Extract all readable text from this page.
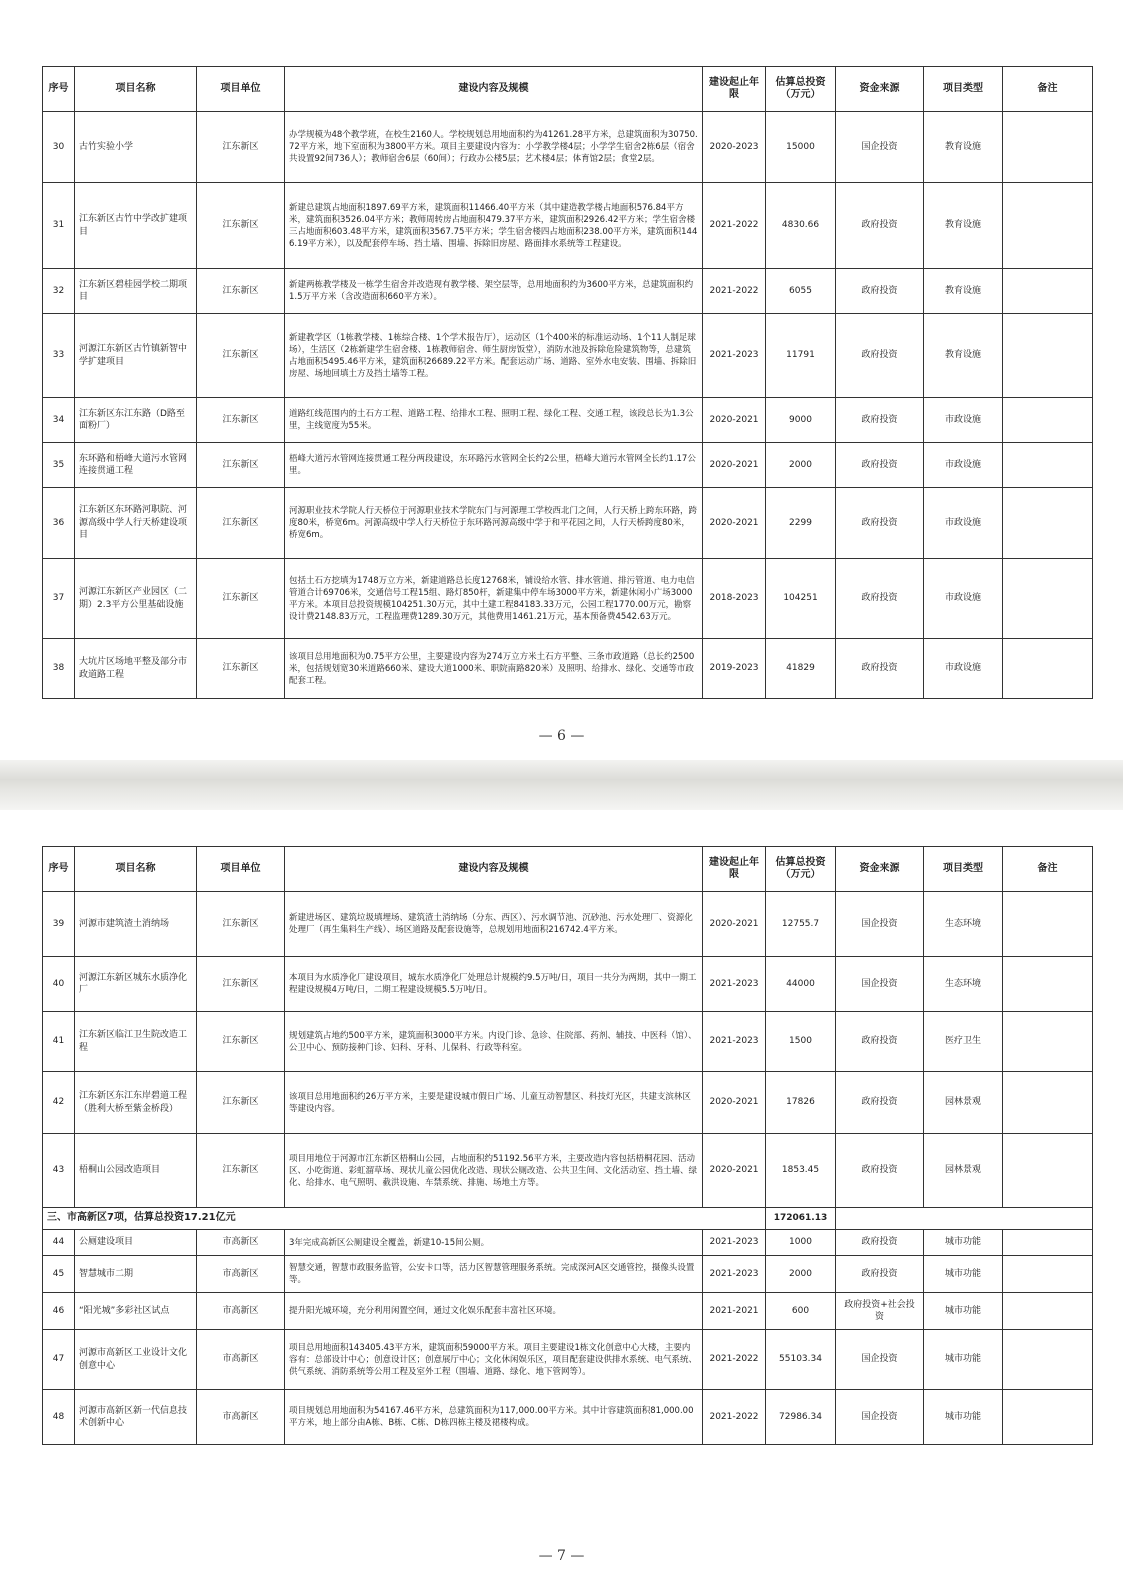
序号	项目名称	项目单位	建设内容及规模	建设起止年限	估算总投资（万元）	资金来源	项目类型	备注
30	古竹实验小学	江东新区	办学规模为48个教学班，在校生2160人。学校规划总用地面积约为41261.28平方米，总建筑面积为30750.72平方米，地下室面积为3800平方米。项目主要建设内容为：小学教学楼4层；小学学生宿舍2栋6层（宿舍共设置92间736人）；教师宿舍6层（60间）；行政办公楼5层；艺术楼4层；体育馆2层；食堂2层。	2020-2023	15000	国企投资	教育设施	
31	江东新区古竹中学改扩建项目	江东新区	新建总建筑占地面积1897.69平方米，建筑面积11466.40平方米（其中建造教学楼占地面积576.84平方米，建筑面积3526.04平方米；教师周转房占地面积479.37平方米，建筑面积2926.42平方米；学生宿舍楼三占地面积603.48平方米，建筑面积3567.75平方米；学生宿舍楼四占地面积238.00平方米，建筑面积1446.19平方米），以及配套停车场、挡土墙、围墙、拆除旧房屋、路面排水系统等工程建设。	2021-2022	4830.66	政府投资	教育设施	
32	江东新区碧桂园学校二期项目	江东新区	新建两栋教学楼及一栋学生宿舍并改造现有教学楼、架空层等，总用地面积约为3600平方米，总建筑面积约1.5万平方米（含改造面积660平方米）。	2021-2022	6055	政府投资	教育设施	
33	河源江东新区古竹镇新智中学扩建项目	江东新区	新建教学区（1栋教学楼、1栋综合楼、1个学术报告厅），运动区（1个400米的标准运动场、1个11人制足球场），生活区（2栋新建学生宿舍楼、1栋教师宿舍、师生厨房饭堂），消防水池及拆除危险建筑物等，总建筑占地面积5495.46平方米，建筑面积26689.22平方米。配套运动广场、道路、室外水电安装、围墙、拆除旧房屋、场地回填土方及挡土墙等工程。	2021-2023	11791	政府投资	教育设施	
34	江东新区东江东路（D路至面粉厂）	江东新区	道路红线范围内的土石方工程、道路工程、给排水工程、照明工程、绿化工程、交通工程，该段总长为1.3公里，主线宽度为55米。	2020-2021	9000	政府投资	市政设施	
35	东环路和梧峰大道污水管网连接贯通工程	江东新区	梧峰大道污水管网连接贯通工程分两段建设，东环路污水管网全长约2公里，梧峰大道污水管网全长约1.17公里。	2020-2021	2000	政府投资	市政设施	
36	江东新区东环路河职院、河源高级中学人行天桥建设项目	江东新区	河源职业技术学院人行天桥位于河源职业技术学院东门与河源理工学校西北门之间，人行天桥上跨东环路，跨度80米，桥宽6m。河源高级中学人行天桥位于东环路河源高级中学于和平花园之间，人行天桥跨度80米，桥宽6m。	2020-2021	2299	政府投资	市政设施	
37	河源江东新区产业园区（二期）2.3平方公里基础设施	江东新区	包括土石方挖填为1748万立方米，新建道路总长度12768米，铺设给水管、排水管道、排污管道、电力电信管道合计69706米，交通信号工程15组、路灯850杆，新建集中停车场3000平方米，新建休闲小广场3000平方米。本项目总投资规模104251.30万元，其中土建工程84183.33万元，公园工程1770.00万元，勘察设计费2148.83万元，工程监理费1289.30万元，其他费用1461.21万元，基本预备费4542.63万元。	2018-2023	104251	政府投资	市政设施	
38	大坑片区场地平整及部分市政道路工程	江东新区	该项目总用地面积为0.75平方公里，主要建设内容为274万立方米土石方平整、三条市政道路（总长约2500米，包括规划宽30米道路660米、建设大道1000米、职院南路820米）及照明、给排水、绿化、交通等市政配套工程。	2019-2023	41829	政府投资	市政设施	
— 6 —
序号	项目名称	项目单位	建设内容及规模	建设起止年限	估算总投资（万元）	资金来源	项目类型	备注
39	河源市建筑渣土消纳场	江东新区	新建进场区、建筑垃圾填埋场、建筑渣土消纳场（分东、西区）、污水调节池、沉砂池、污水处理厂、资源化处理厂（再生集料生产线）、场区道路及配套设施等，总规划用地面积216742.4平方米。	2020-2021	12755.7	国企投资	生态环境	
40	河源江东新区城东水质净化厂	江东新区	本项目为水质净化厂建设项目，城东水质净化厂处理总计规模约9.5万吨/日，项目一共分为两期，其中一期工程建设规模4万吨/日，二期工程建设规模5.5万吨/日。	2021-2023	44000	国企投资	生态环境	
41	江东新区临江卫生院改造工程	江东新区	规划建筑占地约500平方米，建筑面积3000平方米。内设门诊、急诊、住院部、药剂、辅技、中医科（馆）、公卫中心、预防接种门诊、妇科、牙科、儿保科、行政等科室。	2021-2023	1500	政府投资	医疗卫生	
42	江东新区东江东岸碧道工程（胜利大桥至紫金桥段）	江东新区	该项目总用地面积约26万平方米，主要是建设城市假日广场、儿童互动智慧区、科技灯光区，共建支滨林区等建设内容。	2020-2021	17826	政府投资	园林景观	
43	梧桐山公园改造项目	江东新区	项目用地位于河源市江东新区梧桐山公园，占地面积约51192.56平方米，主要改造内容包括梧桐花园、活动区、小吃街道、彩虹溜草场、现状儿童公园优化改造、现状公厕改造、公共卫生间、文化活动室、挡土墙、绿化、给排水、电气照明、截洪设施、车禁系统、排施、场地土方等。	2020-2021	1853.45	政府投资	园林景观	
三、市高新区7项，估算总投资17.21亿元					172061.13			
44	公厕建设项目	市高新区	3年完成高新区公厕建设全覆盖，新建10-15间公厕。	2021-2023	1000	政府投资	城市功能	
45	智慧城市二期	市高新区	智慧交通，智慧市政服务监管，公安卡口等，活力区智慧管理服务系统。完成深河A区交通管控，摄像头设置等。	2021-2023	2000	政府投资	城市功能	
46	“阳光城”多彩社区试点	市高新区	提升阳光城环境，充分利用闲置空间，通过文化娱乐配套丰富社区环境。	2021-2021	600	政府投资+社会投资	城市功能	
47	河源市高新区工业设计文化创意中心	市高新区	项目总用地面积143405.43平方米，建筑面积59000平方米。项目主要建设1栋文化创意中心大楼，主要内容有：总部设计中心；创意设计区；创意展厅中心；文化休闲娱乐区，项目配套建设供排水系统、电气系统、供气系统、消防系统等公用工程及室外工程（围墙、道路、绿化、地下管网等）。	2021-2022	55103.34	国企投资	城市功能	
48	河源市高新区新一代信息技术创新中心	市高新区	项目规划总用地面积为54167.46平方米，总建筑面积为117,000.00平方米。其中计容建筑面积81,000.00平方米，地上部分由A栋、B栋、C栋、D栋四栋主楼及裙楼构成。	2021-2022	72986.34	国企投资	城市功能	
— 7 —
